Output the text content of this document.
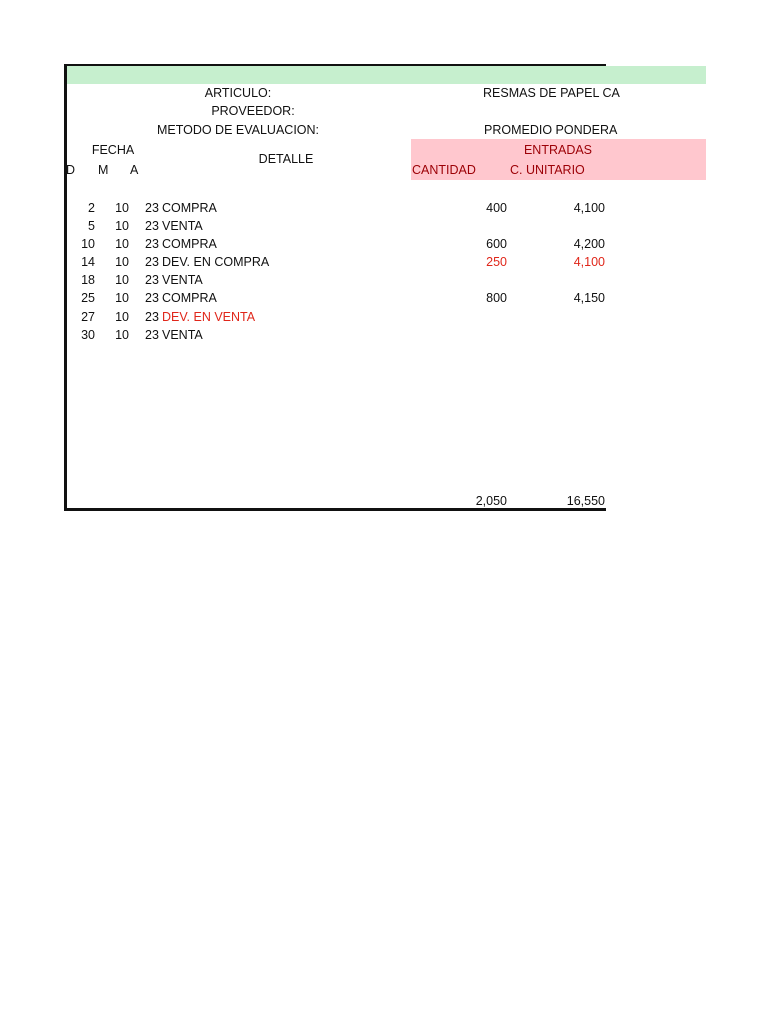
ARTICULO:	RESMAS DE PAPEL CA
PROVEEDOR:
METODO DE EVALUACION:	PROMEDIO PONDERA
FECHA
DETALLE
ENTRADAS
D M A	CANTIDAD	C. UNITARIO
2	10 23 COMPRA	400	4,100
5	10 23 VENTA
10	10 23 COMPRA	600	4,200
14	10 23 DEV. EN COMPRA	250	4,100
18	10 23 VENTA
25	10 23 COMPRA	800	4,150
27	10 23 DEV. EN VENTA
30	10 23 VENTA
2,050	16,550
